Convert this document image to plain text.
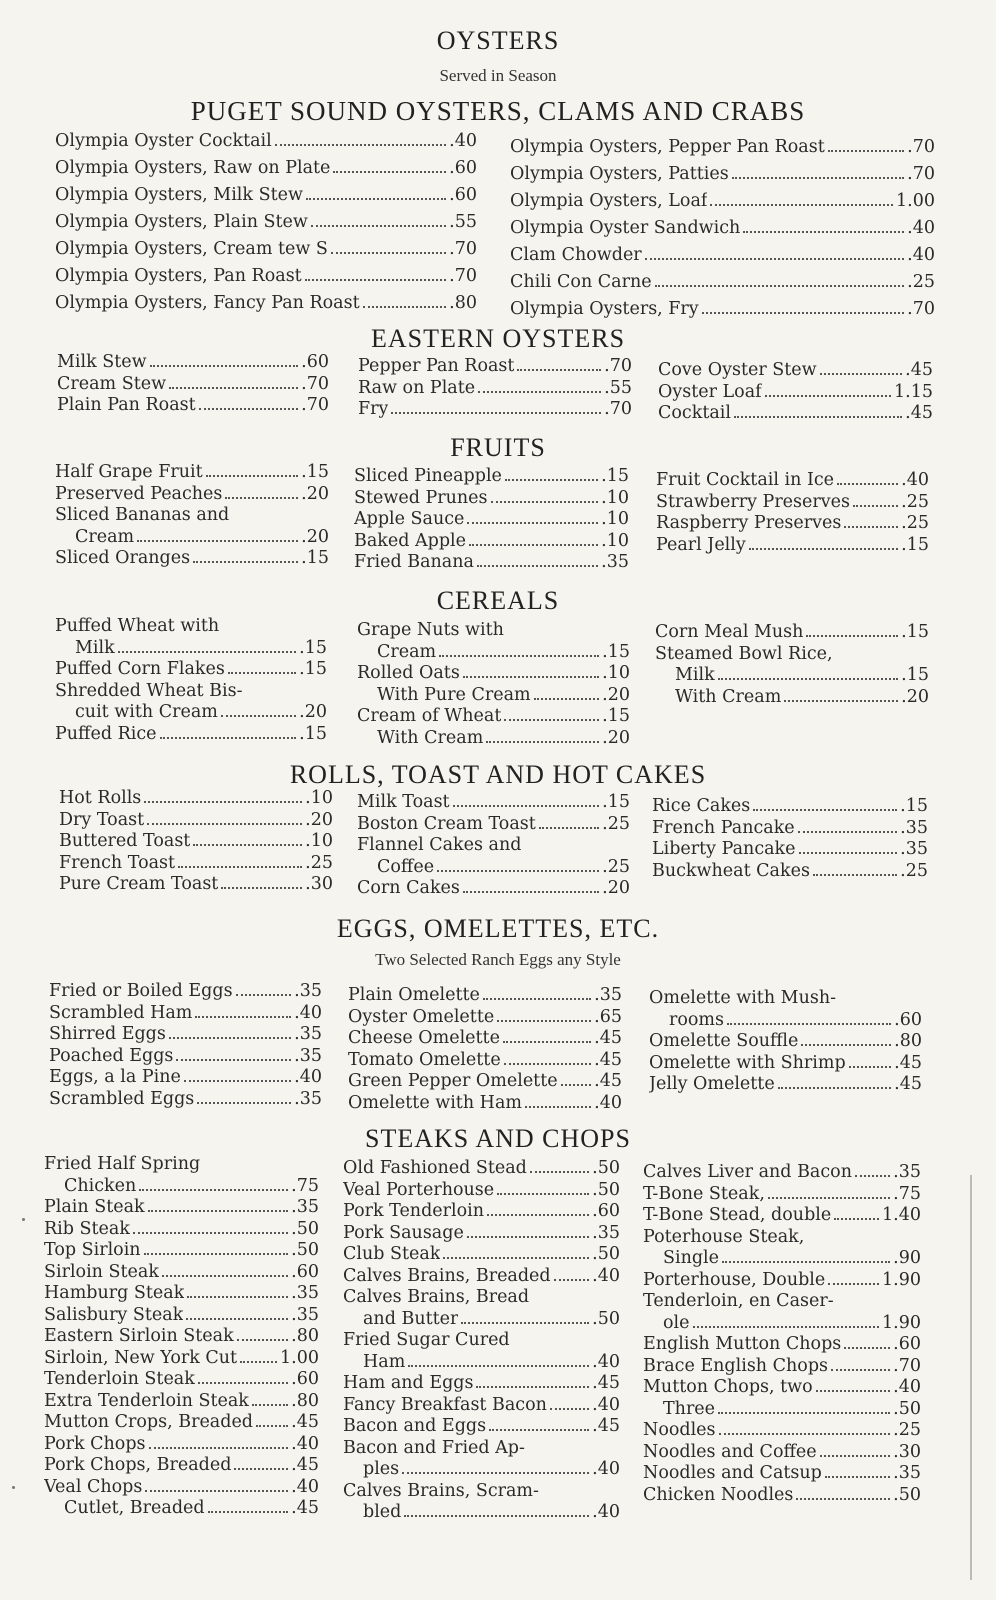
OYSTERS
Served in Season
PUGET SOUND OYSTERS, CLAMS AND CRABS
Olympia Oyster Cocktail	.40
Olympia Oysters, Raw on Plate	.60
Olympia Oysters, Milk Stew	.60
Olympia Oysters, Plain Stew	.55
Olympia Oysters, Cream tew S	.70
Olympia Oysters, Pan Roast	.70
Olympia Oysters, Fancy Pan Roast	.80
Olympia Oysters, Pepper Pan Roast	.70
Olympia Oysters, Patties	.70
Olympia Oysters, Loaf	1.00
Olympia Oyster Sandwich	.40
Clam Chowder	.40
Chili Con Carne	.25
Olympia Oysters, Fry	.70
EASTERN OYSTERS
Milk Stew	.60
Cream Stew	.70
Plain Pan Roast	.70
Pepper Pan Roast	.70
Raw on Plate	.55
Fry	.70
Cove Oyster Stew	.45
Oyster Loaf	1.15
Cocktail	.45
FRUITS
Half Grape Fruit	.15
Preserved Peaches	.20
Sliced Bananas and
Cream	.20
Sliced Oranges	.15
Sliced Pineapple	.15
Stewed Prunes	.10
Apple Sauce	.10
Baked Apple	.10
Fried Banana	.35
Fruit Cocktail in Ice	.40
Strawberry Preserves	.25
Raspberry Preserves	.25
Pearl Jelly	.15
CEREALS
Puffed Wheat with
Milk	.15
Puffed Corn Flakes	.15
Shredded Wheat Bis-
cuit with Cream	.20
Puffed Rice	.15
Grape Nuts with
Cream	.15
Rolled Oats	.10
With Pure Cream	.20
Cream of Wheat	.15
With Cream	.20
Corn Meal Mush	.15
Steamed Bowl Rice,
Milk	.15
With Cream	.20
ROLLS, TOAST AND HOT CAKES
Hot Rolls	.10
Dry Toast	.20
Buttered Toast	.10
French Toast	.25
Pure Cream Toast	.30
Milk Toast	.15
Boston Cream Toast	.25
Flannel Cakes and
Coffee	.25
Corn Cakes	.20
Rice Cakes	.15
French Pancake	.35
Liberty Pancake	.35
Buckwheat Cakes	.25
EGGS, OMELETTES, ETC.
Two Selected Ranch Eggs any Style
Fried or Boiled Eggs	.35
Scrambled Ham	.40
Shirred Eggs	.35
Poached Eggs	.35
Eggs, a la Pine	.40
Scrambled Eggs	.35
Plain Omelette	.35
Oyster Omelette	.65
Cheese Omelette	.45
Tomato Omelette	.45
Green Pepper Omelette .45
Omelette with Ham	.40
Omelette with Mush-
rooms	.60
Omelette Souffle	.80
Omelette with Shrimp	.45
Jelly Omelette	.45
STEAKS AND CHOPS
Fried Half Spring
Chicken	.75
Plain Steak	.35
Rib Steak	.50
Top Sirloin	.50
Sirloin Steak	.60
Hamburg Steak	.35
Salisbury Steak	.35
Eastern Sirloin Steak	.80
Sirloin, New York Cut 1.00
Tenderloin Steak	.60
Extra Tenderloin Steak .80
Mutton Crops, Breaded .45
Pork Chops	.40
Pork Chops, Breaded	.45
Veal Chops	.40
Cutlet, Breaded	.45
Old Fashioned Stead	.50
Veal Porterhouse	.50
Pork Tenderloin	.60
Pork Sausage	.35
Club Steak	.50
Calves Brains, Breaded .40
Calves Brains, Bread
and Butter	.50
Fried Sugar Cured
Ham	.40
Ham and Eggs	.45
Fancy Breakfast Bacon	.40
Bacon and Eggs	.45
Bacon and Fried Ap-
ples	.40
Calves Brains, Scram-
bled	.40
Calves Liver and Bacon .35
T-Bone Steak,	.75
T-Bone Stead, double	1.40
Poterhouse Steak,
Single	.90
Porterhouse, Double	1.90
Tenderloin, en Caser-
ole	1.90
English Mutton Chops	.60
Brace English Chops	.70
Mutton Chops, two	.40
Three	.50
Noodles	.25
Noodles and Coffee	.30
Noodles and Catsup	.35
Chicken Noodles	.50
